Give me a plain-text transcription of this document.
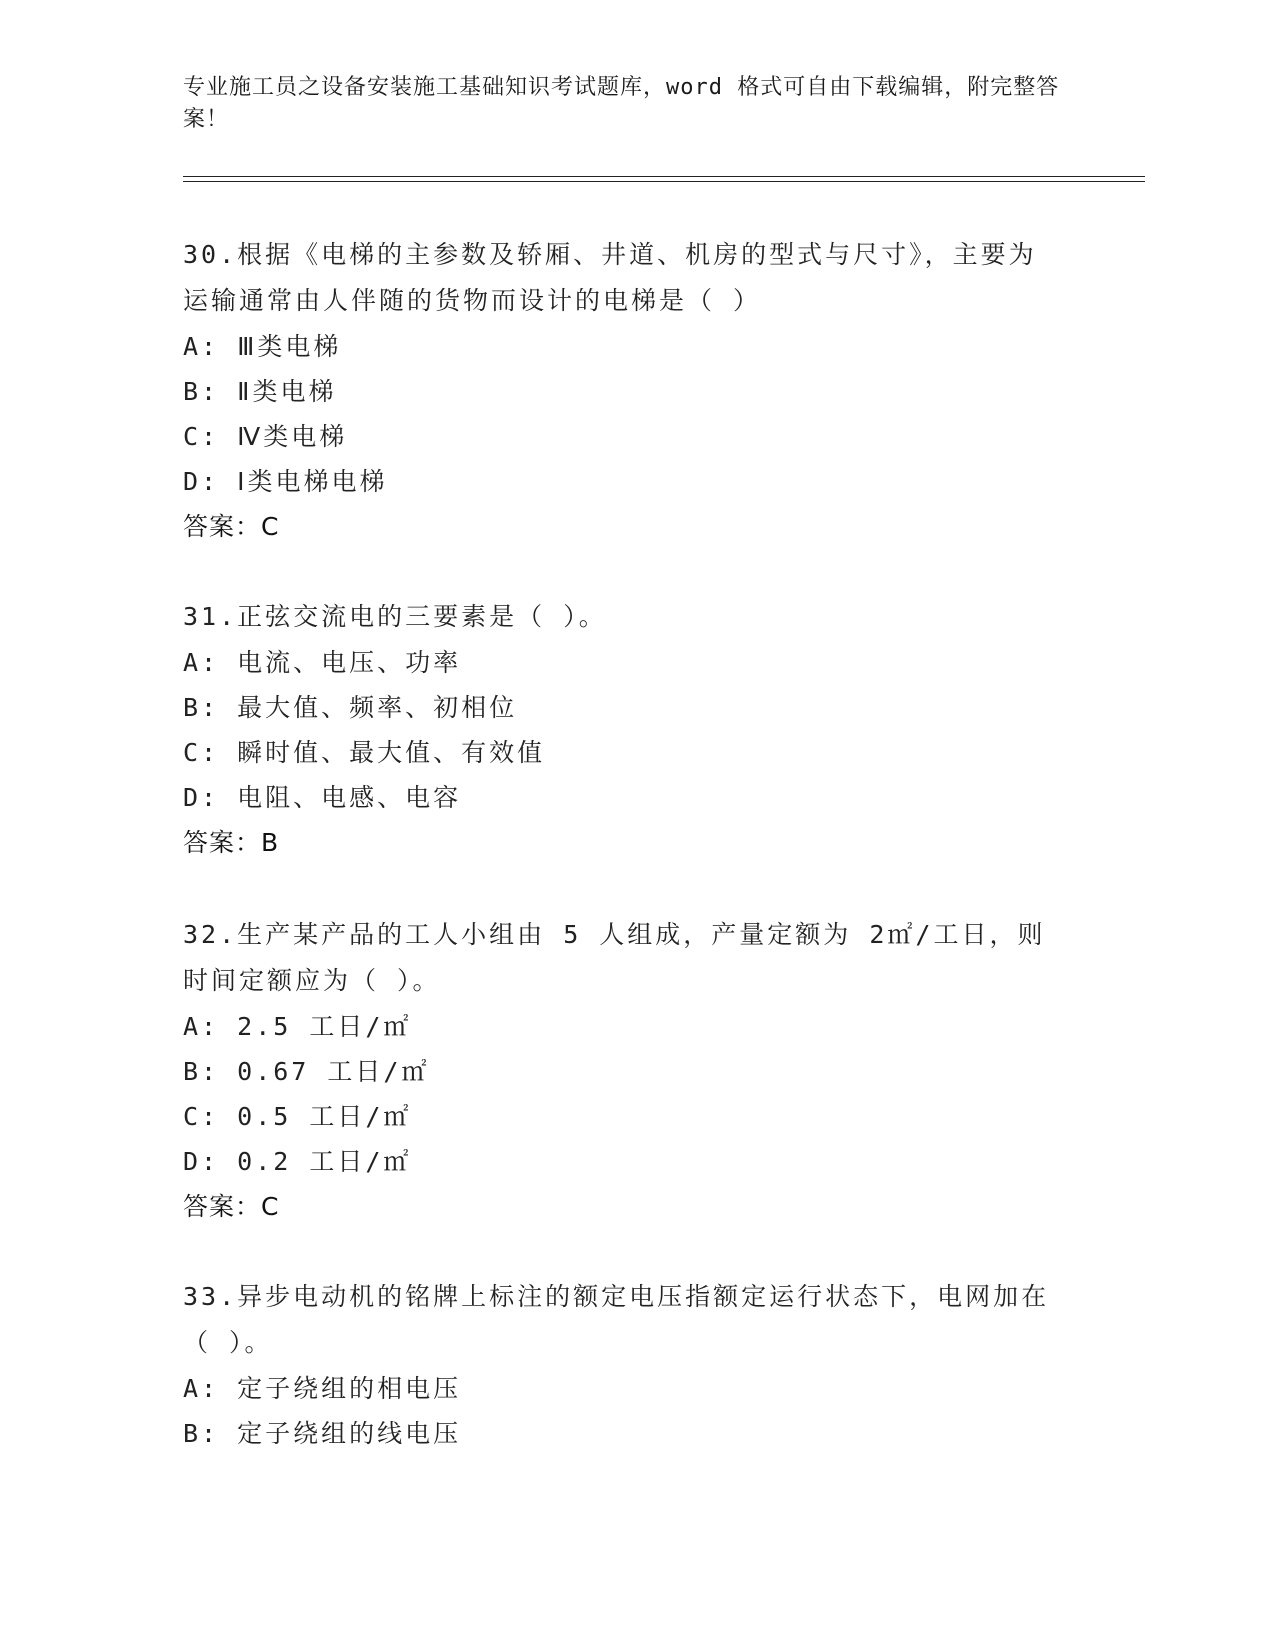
专业施工员之设备安装施工基础知识考试题库，word 格式可自由下载编辑，附完整答案！
30.根据《电梯的主参数及轿厢、井道、机房的型式与尺寸》，主要为运输通常由人伴随的货物而设计的电梯是（ ）
A: Ⅲ类电梯
B: Ⅱ类电梯
C: Ⅳ类电梯
D: Ⅰ类电梯电梯
答案：C
31.正弦交流电的三要素是（ ）。
A: 电流、电压、功率
B: 最大值、频率、初相位
C: 瞬时值、最大值、有效值
D: 电阻、电感、电容
答案：B
32.生产某产品的工人小组由 5 人组成，产量定额为 2㎡/工日，则时间定额应为（ ）。
A: 2.5 工日/㎡
B: 0.67 工日/㎡
C: 0.5 工日/㎡
D: 0.2 工日/㎡
答案：C
33.异步电动机的铭牌上标注的额定电压指额定运行状态下，电网加在（ ）。
A: 定子绕组的相电压
B: 定子绕组的线电压
